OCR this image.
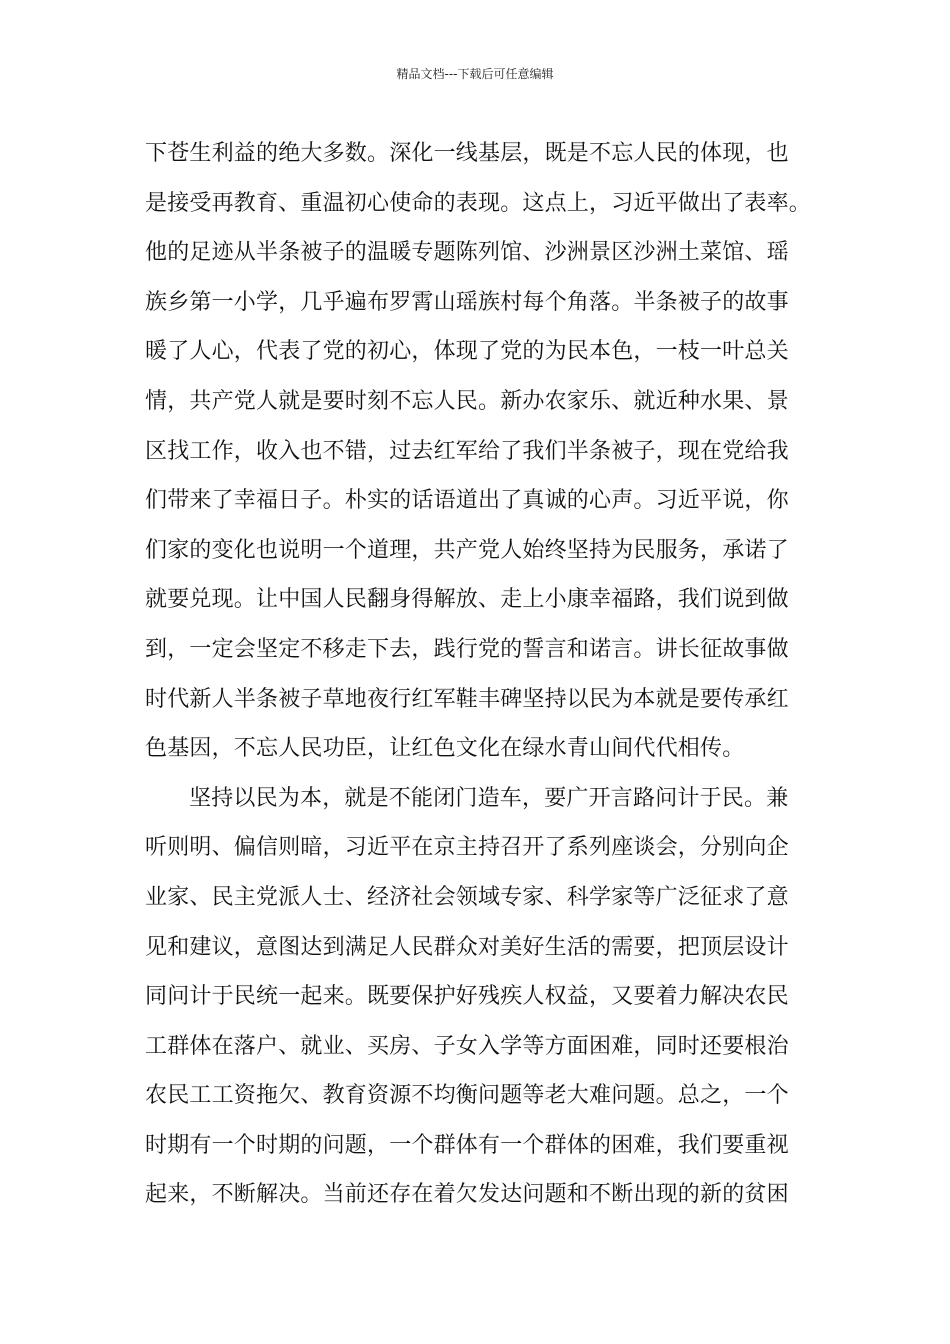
精品文档---下载后可任意编辑
下苍生利益的绝大多数。深化一线基层，既是不忘人民的体现，也
是接受再教育、重温初心使命的表现。这点上，习近平做出了表率。
他的足迹从半条被子的温暖专题陈列馆、沙洲景区沙洲土菜馆、瑶
族乡第一小学，几乎遍布罗霄山瑶族村每个角落。半条被子的故事
暖了人心，代表了党的初心，体现了党的为民本色，一枝一叶总关
情，共产党人就是要时刻不忘人民。新办农家乐、就近种水果、景
区找工作，收入也不错，过去红军给了我们半条被子，现在党给我
们带来了幸福日子。朴实的话语道出了真诚的心声。习近平说，你
们家的变化也说明一个道理，共产党人始终坚持为民服务，承诺了
就要兑现。让中国人民翻身得解放、走上小康幸福路，我们说到做
到，一定会坚定不移走下去，践行党的誓言和诺言。讲长征故事做
时代新人半条被子草地夜行红军鞋丰碑坚持以民为本就是要传承红
色基因，不忘人民功臣，让红色文化在绿水青山间代代相传。
坚持以民为本，就是不能闭门造车，要广开言路问计于民。兼
听则明、偏信则暗，习近平在京主持召开了系列座谈会，分别向企
业家、民主党派人士、经济社会领域专家、科学家等广泛征求了意
见和建议，意图达到满足人民群众对美好生活的需要，把顶层设计
同问计于民统一起来。既要保护好残疾人权益，又要着力解决农民
工群体在落户、就业、买房、子女入学等方面困难，同时还要根治
农民工工资拖欠、教育资源不均衡问题等老大难问题。总之，一个
时期有一个时期的问题，一个群体有一个群体的困难，我们要重视
起来，不断解决。当前还存在着欠发达问题和不断出现的新的贫困
